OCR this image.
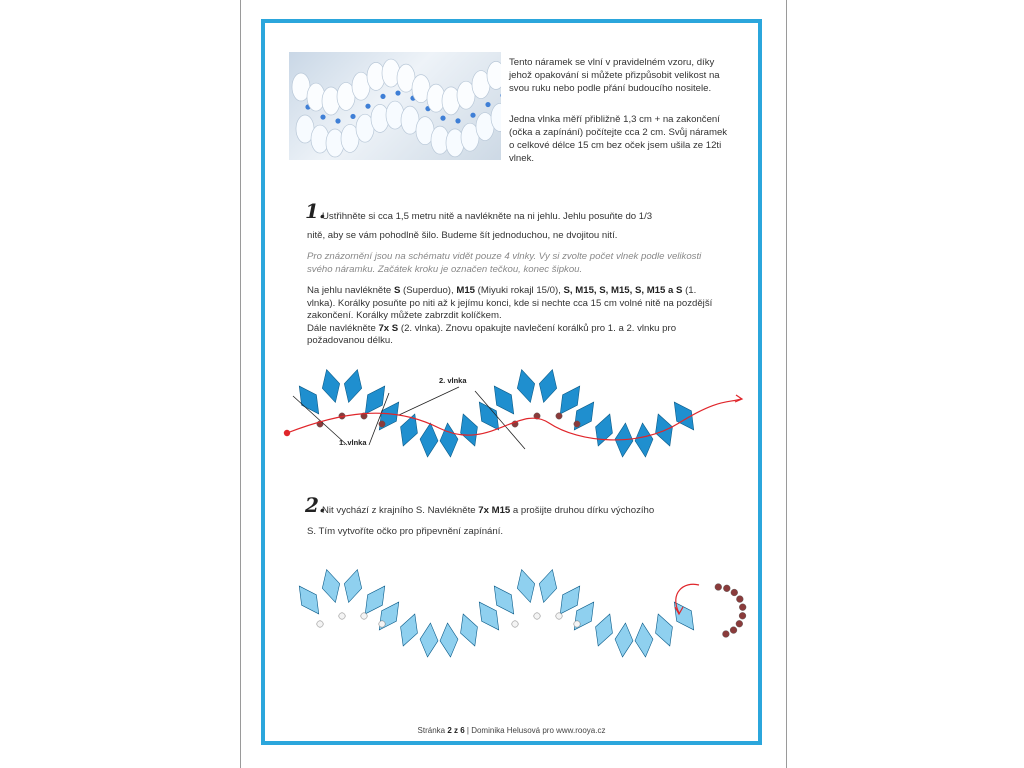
Tento náramek se vlní v pravidelném vzoru, díky jehož opakování si můžete přizpůsobit velikost na svou ruku nebo podle přání budoucího nositele.

Jedna vlnka měří přibližně 1,3 cm + na zakončení (očka a zapínání) počítejte cca 2 cm. Svůj náramek o celkové délce 15 cm bez oček jsem ušila ze 12ti vlnek.

1.

Ustřihněte si cca 1,5 metru nitě a navlékněte na ni jehlu. Jehlu posuňte do 1/3

nitě, aby se vám pohodlně šilo. Budeme šít jednoduchou, ne dvojitou nití.

Pro znázornění jsou na schématu vidět pouze 4 vlnky. Vy si zvolte počet vlnek podle velikosti svého náramku. Začátek kroku je označen tečkou, konec šipkou.

Na jehlu navlékněte S (Superduo), M15 (Miyuki rokajl 15/0), S, M15, S, M15, S, M15 a S (1. vlnka). Korálky posuňte po niti až k jejímu konci, kde si nechte cca 15 cm volné nitě na pozdější zakončení. Korálky můžete zabrzdit kolíčkem.
Dále navlékněte 7x S (2. vlnka). Znovu opakujte navlečení korálků pro 1. a 2. vlnku pro požadovanou délku.

1. vlnka
2. vlnka
2.

Nit vychází z krajního S. Navlékněte 7x M15 a prošijte druhou dírku výchozího

S. Tím vytvoříte očko pro připevnění zapínání.

Stránka 2 z 6 | Dominika Helusová pro www.rooya.cz
